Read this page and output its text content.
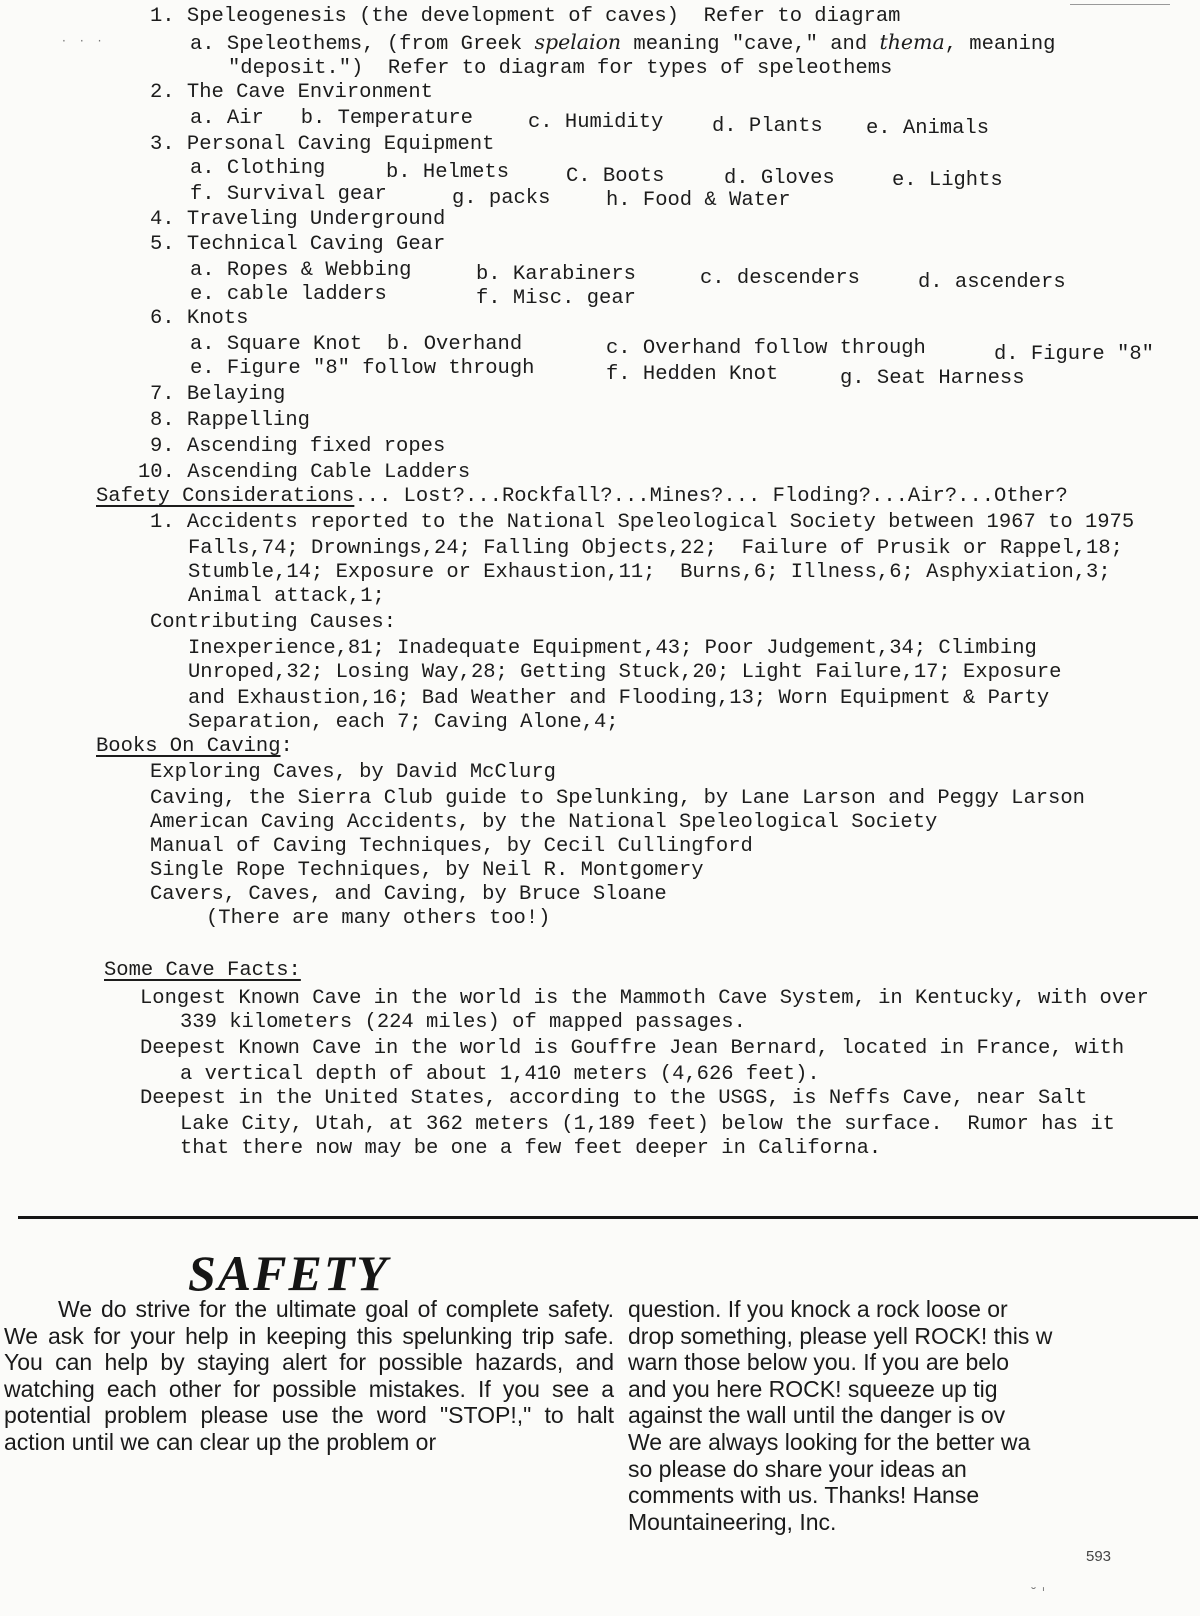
1. Speleogenesis (the development of caves)  Refer to diagram
a. Speleothems, (from Greek spelaion meaning "cave," and thema, meaning
"deposit.")  Refer to diagram for types of speleothems
2. The Cave Environment
a. Air   b. Temperature	c. Humidity d. Plants e. Animals
3. Personal Caving Equipment
a. Clothing	b. Helmets	C. Boots	d. Gloves	e. Lights
f. Survival gear	g. packs	h. Food & Water
4. Traveling Underground
5. Technical Caving Gear
a. Ropes & Webbing	b. Karabiners	c. descenders	d. ascenders
e. cable ladders	f. Misc. gear
6. Knots
a. Square Knot  b. Overhand	c. Overhand follow through	d. Figure "8"
e. Figure "8" follow through	f. Hedden Knot	g. Seat Harness
7. Belaying
8. Rappelling
9. Ascending fixed ropes
10. Ascending Cable Ladders
Safety Considerations... Lost?...Rockfall?...Mines?... Floding?...Air?...Other?
1. Accidents reported to the National Speleological Society between 1967 to 1975
Falls,74; Drownings,24; Falling Objects,22;  Failure of Prusik or Rappel,18;
Stumble,14; Exposure or Exhaustion,11;  Burns,6; Illness,6; Asphyxiation,3;
Animal attack,1;
Contributing Causes:
Inexperience,81; Inadequate Equipment,43; Poor Judgement,34; Climbing
Unroped,32; Losing Way,28; Getting Stuck,20; Light Failure,17; Exposure
and Exhaustion,16; Bad Weather and Flooding,13; Worn Equipment & Party
Separation, each 7; Caving Alone,4;
Books On Caving:
Exploring Caves, by David McClurg
Caving, the Sierra Club guide to Spelunking, by Lane Larson and Peggy Larson
American Caving Accidents, by the National Speleological Society
Manual of Caving Techniques, by Cecil Cullingford
Single Rope Techniques, by Neil R. Montgomery
Cavers, Caves, and Caving, by Bruce Sloane
(There are many others too!)
Some Cave Facts:
Longest Known Cave in the world is the Mammoth Cave System, in Kentucky, with over
339 kilometers (224 miles) of mapped passages.
Deepest Known Cave in the world is Gouffre Jean Bernard, located in France, with
a vertical depth of about 1,410 meters (4,626 feet).
Deepest in the United States, according to the USGS, is Neffs Cave, near Salt
Lake City, Utah, at 362 meters (1,189 feet) below the surface.  Rumor has it
that there now may be one a few feet deeper in Californa.
SAFETY
We do strive for the ultimate goal of complete safety. We ask for your help in keeping this spelunking trip safe. You can help by staying alert for possible hazards, and watching each other for possible mistakes. If you see a potential problem please use the word "STOP!," to halt action until we can clear up the problem or
question. If you knock a rock loose or
drop something, please yell ROCK! this w
warn those below you. If you are belo
and you here ROCK! squeeze up tig
against the wall until the danger is ov
We are always looking for the better wa
so please do share your ideas an
comments with us. Thanks! Hanse
Mountaineering, Inc.
593
···
˘ ˈ
